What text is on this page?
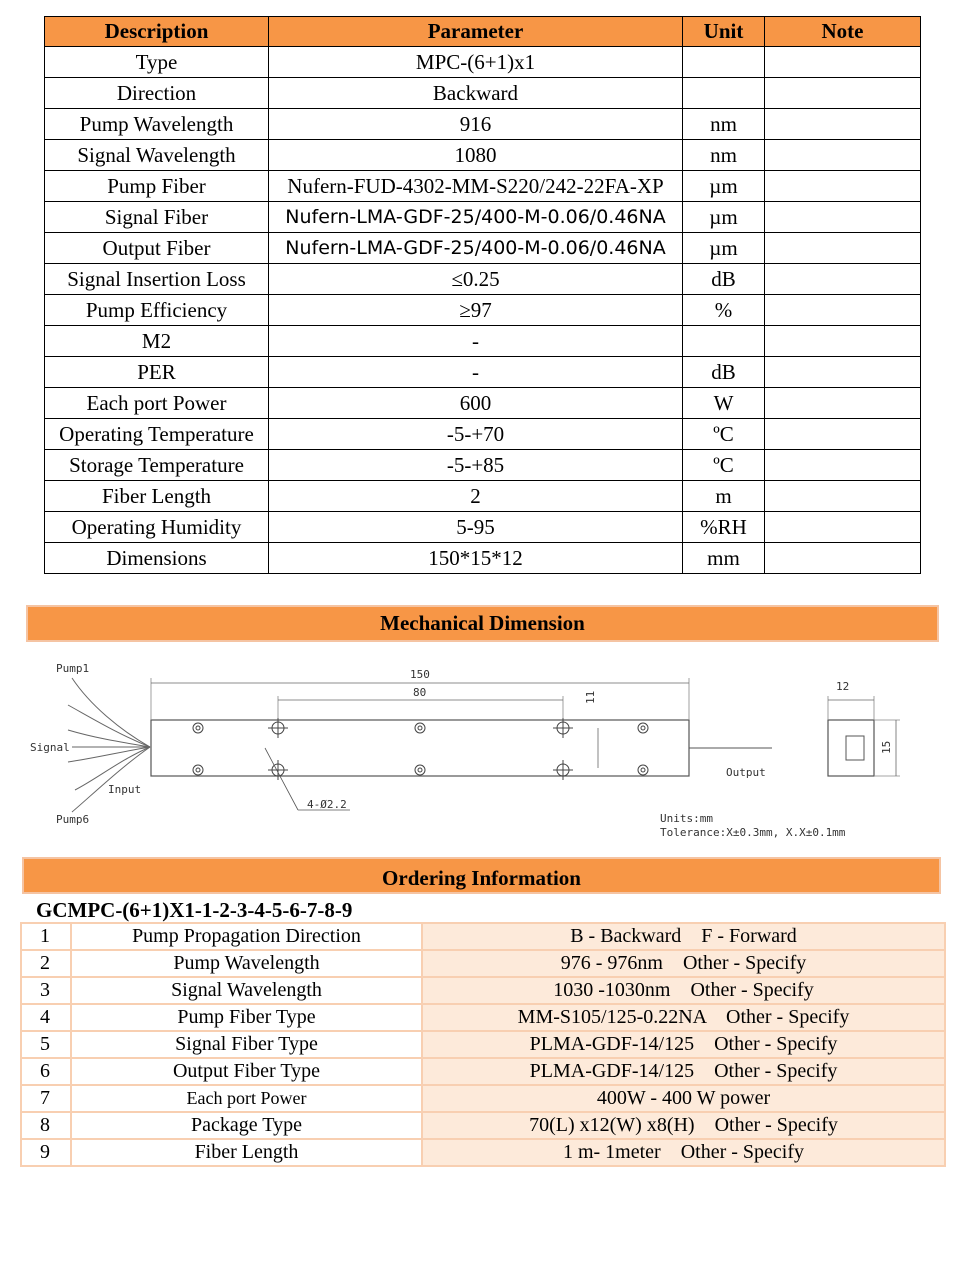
Description	Parameter	Unit	Note
Type	MPC-(6+1)x1		
Direction	Backward		
Pump Wavelength	916	nm	
Signal Wavelength	1080	nm	
Pump Fiber	Nufern-FUD-4302-MM-S220/242-22FA-XP	µm	
Signal Fiber	Nufern-LMA-GDF-25/400-M-0.06/0.46NA	µm	
Output Fiber	Nufern-LMA-GDF-25/400-M-0.06/0.46NA	µm	
Signal Insertion Loss	≤0.25	dB	
Pump Efficiency	≥97	%	
M2	-		
PER	-	dB	
Each port Power	600	W	
Operating Temperature	-5-+70	ºC	
Storage Temperature	-5-+85	ºC	
Fiber Length	2	m	
Operating Humidity	5-95	%RH	
Dimensions	150*15*12	mm	
Mechanical Dimension
Pump1
Signal
Input
Pump6
Output
150
80	11
4-Ø2.2
12
15
Units:mm
Tolerance:X±0.3mm, X.X±0.1mm
Ordering Information
GCMPC-(6+1)X1-1-2-3-4-5-6-7-8-9
1	Pump Propagation Direction	B - Backward    F - Forward
2	Pump Wavelength	976 - 976nm    Other - Specify
3	Signal Wavelength	1030 -1030nm    Other - Specify
4	Pump Fiber Type	MM-S105/125-0.22NA    Other - Specify
5	Signal Fiber Type	PLMA-GDF-14/125    Other - Specify
6	Output Fiber Type	PLMA-GDF-14/125    Other - Specify
7	Each port Power	400W - 400 W power
8	Package Type	70(L) x12(W) x8(H)    Other - Specify
9	Fiber Length	1 m- 1meter    Other - Specify
